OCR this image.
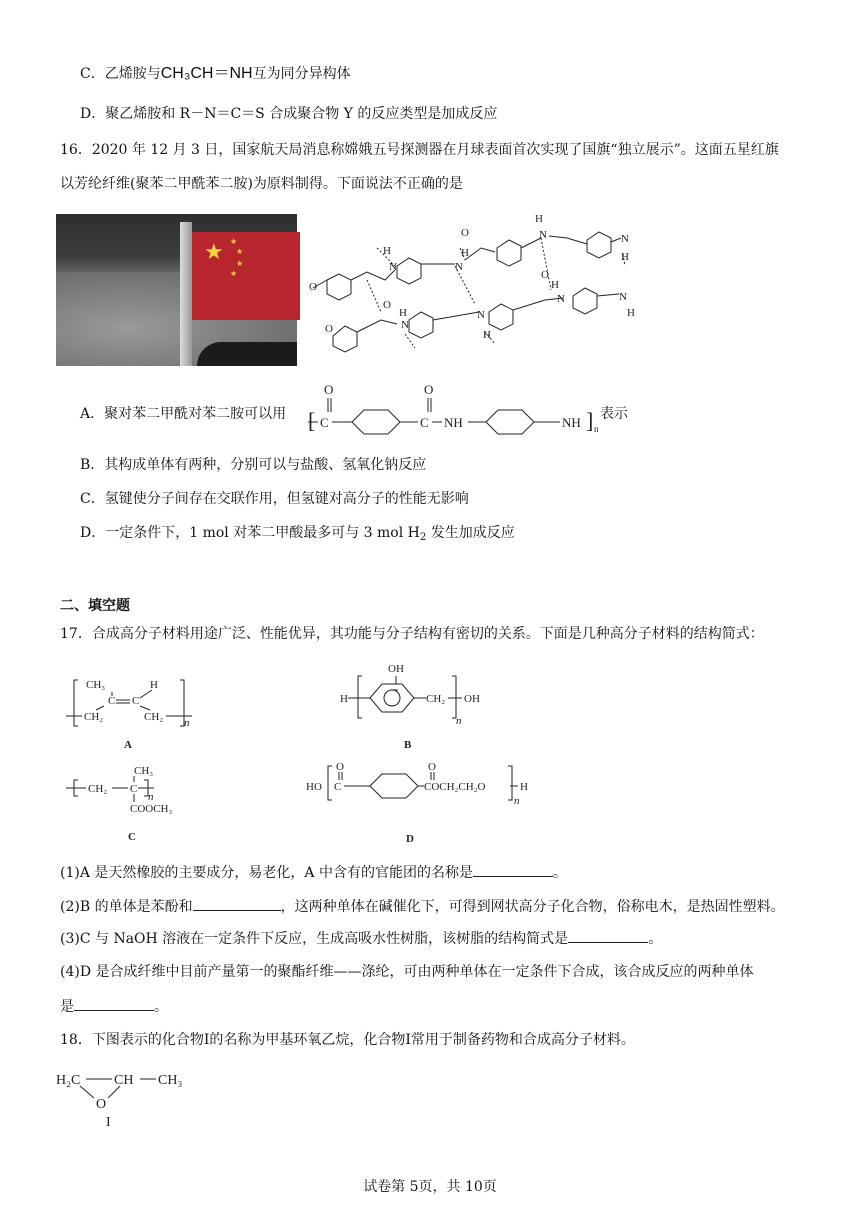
C．乙烯胺与CH₃CH＝NH互为同分异构体
D．聚乙烯胺和 R－N＝C＝S 合成聚合物 Y 的反应类型是加成反应
16．2020 年 12 月 3 日，国家航天局消息称嫦娥五号探测器在月球表面首次实现了国旗“独立展示”。这面五星红旗
以芳纶纤维(聚苯二甲酰苯二胺)为原料制得。下面说法不正确的是
★ ★
★
★
★
O
H
N	N
H
O
H
N
O
N
H
O
O
H
N
N
H
H
N	N
H
A．聚对苯二甲酰对苯二胺可以用 [ C
O
C
O
NH	NH ] n
表示
B．其构成单体有两种，分别可以与盐酸、氢氧化钠反应
C．氢键使分子间存在交联作用，但氢键对高分子的性能无影响
D．一定条件下，1 mol 对苯二甲酸最多可与 3 mol $H_2$ 发生加成反应
二、填空题
17．合成高分子材料用途广泛、性能优异，其功能与分子结构有密切的关系。下面是几种高分子材料的结构简式：
CH₃	H
C C
CH₂	CH₂ n
A
OH
H	CH₂ OH
n
B
CH₃
CH₂ C
n
COOCH₃
C
HO C
O	O
COCH₂CH₂O	H
n
D
(1)A 是天然橡胶的主要成分，易老化，A 中含有的官能团的名称是	。
(2)B 的单体是苯酚和	，这两种单体在碱催化下，可得到网状高分子化合物，俗称电木，是热固性塑料。
(3)C 与 NaOH 溶液在一定条件下反应，生成高吸水性树脂，该树脂的结构简式是	。
(4)D 是合成纤维中目前产量第一的聚酯纤维——涤纶，可由两种单体在一定条件下合成，该合成反应的两种单体
是	。
18．下图表示的化合物Ⅰ的名称为甲基环氧乙烷，化合物Ⅰ常用于制备药物和合成高分子材料。
H₂C CH CH₃
O
I
试卷第 5页，共 10页
